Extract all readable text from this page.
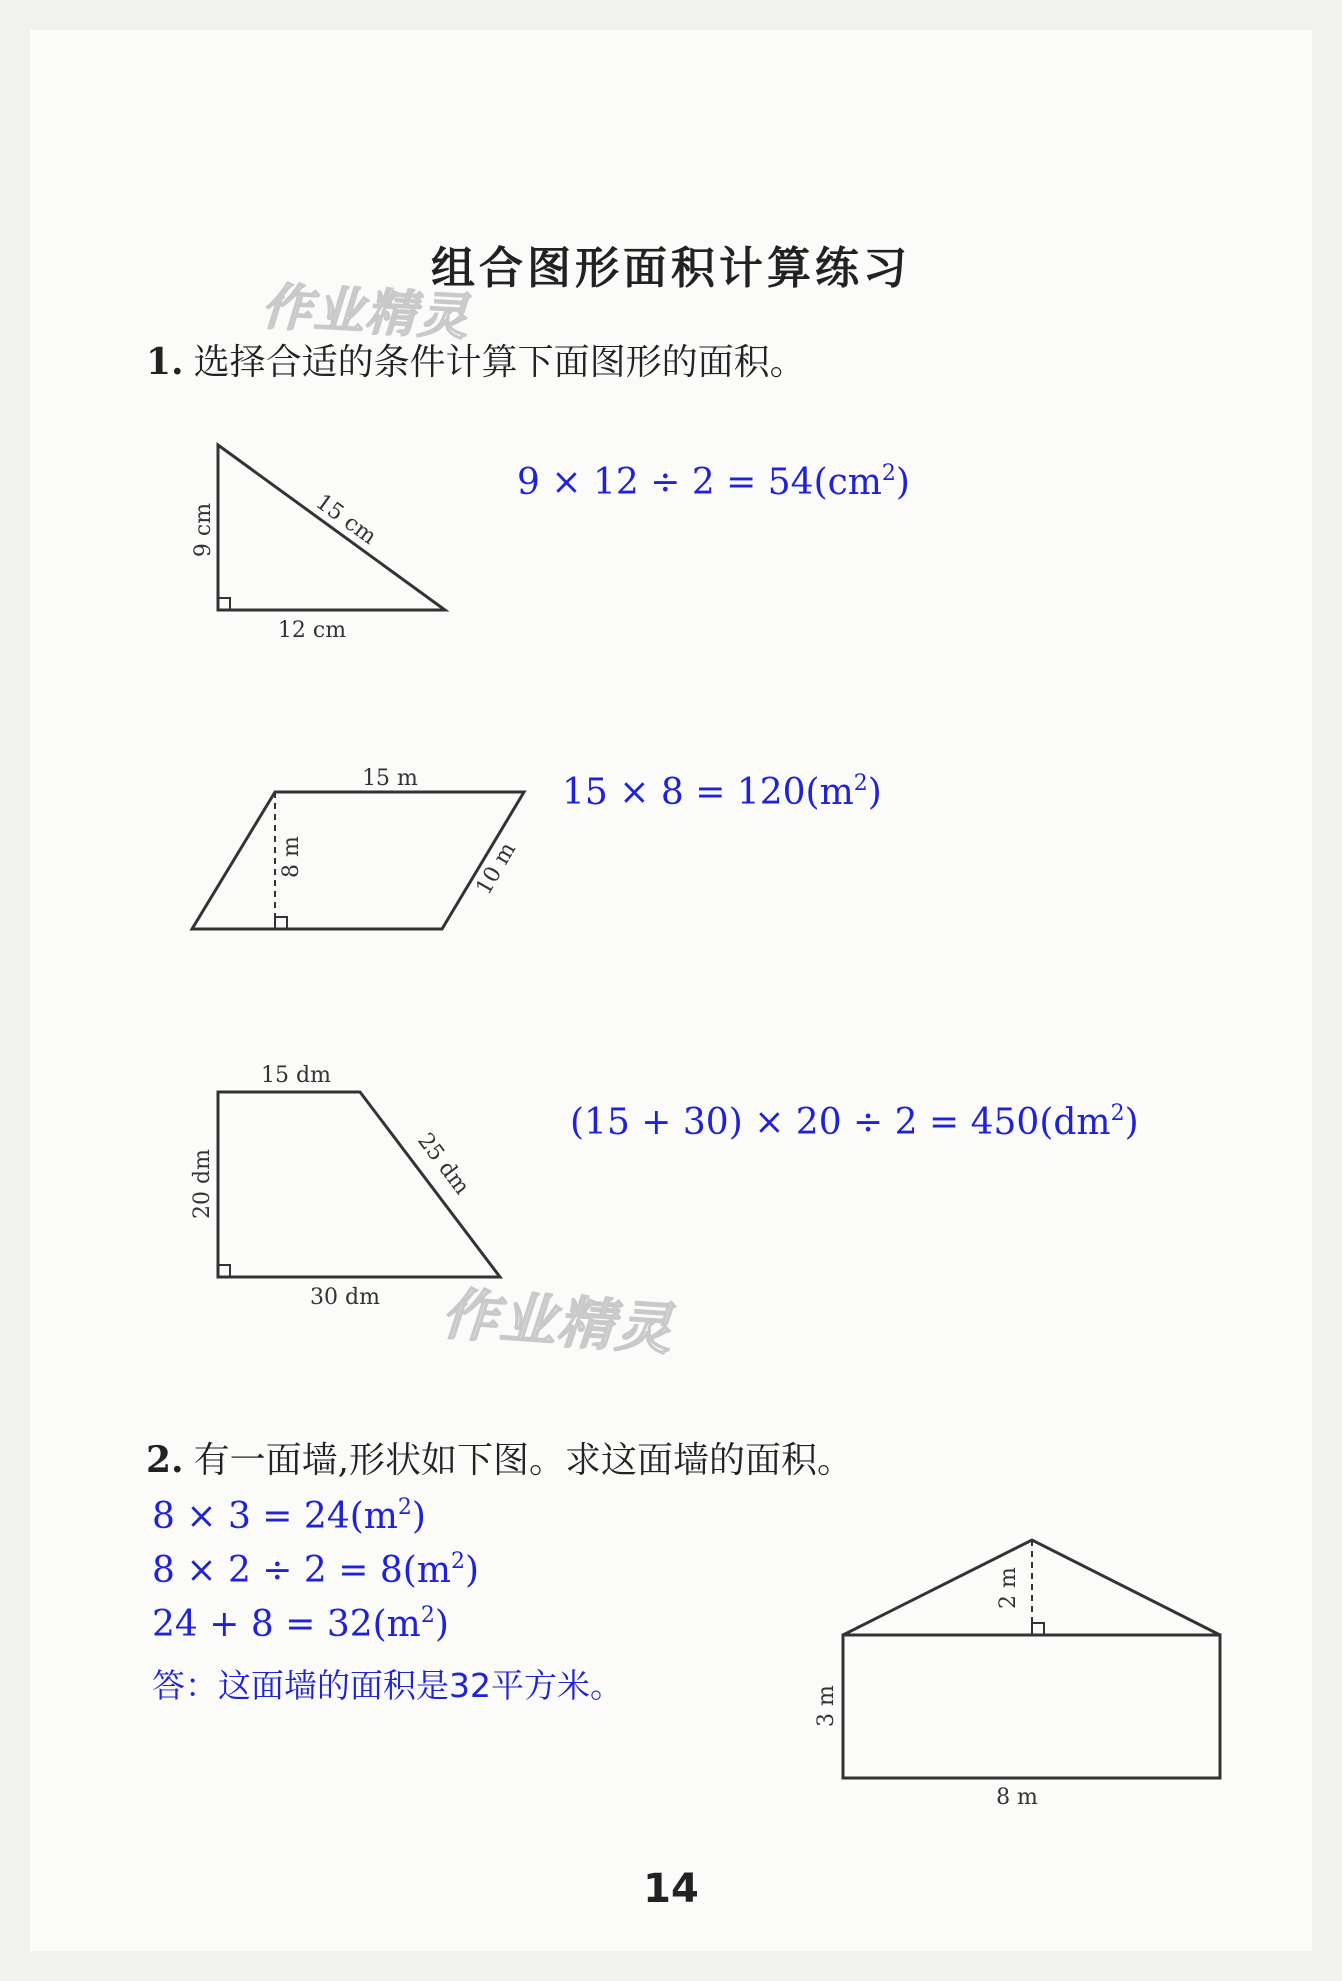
组合图形面积计算练习
作业精灵
作业精灵
1. 选择合适的条件计算下面图形的面积。
9 cm	15 cm
12 cm
$9 \times 12 \div 2 = 54(cm^2)$
15 m
8 m	10 m
$15 \times 8 = 120(m^2)$
15 dm
20 dm	25 dm
30 dm
$(15 + 30) \times 20 \div 2 = 450(dm^2)$
2. 有一面墙,形状如下图。求这面墙的面积。
$8 \times 3 = 24(m^2)$
$8 \times 2 \div 2 = 8(m^2)$
$24 + 8 = 32(m^2)$
答：这面墙的面积是32平方米。
2 m
3 m
8 m
14
